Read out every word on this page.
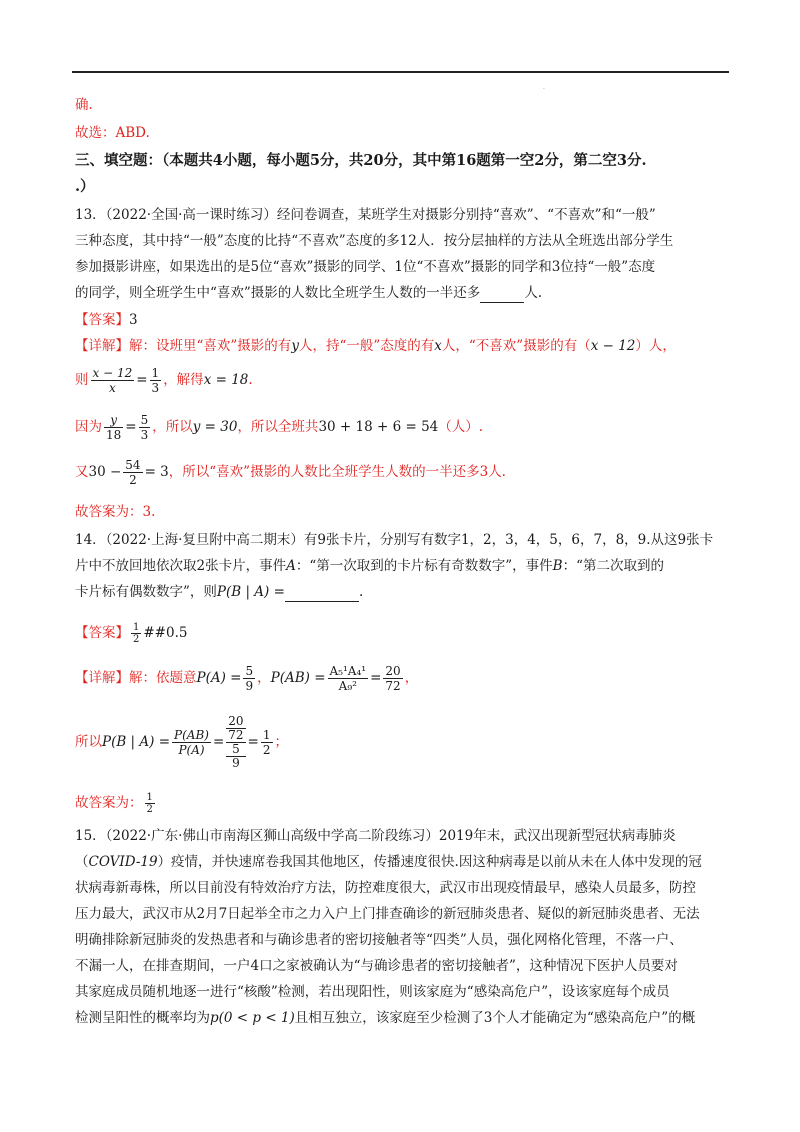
·
确.
故选：ABD.
三、填空题：（本题共4小题，每小题5分，共20分，其中第16题第一空2分，第二空3分.
.）
13．（2022·全国·高一课时练习）经问卷调查，某班学生对摄影分别持“喜欢”、“不喜欢”和“一般”
三种态度，其中持“一般”态度的比持“不喜欢”态度的多12人．按分层抽样的方法从全班选出部分学生
参加摄影讲座，如果选出的是5位“喜欢”摄影的同学、1位“不喜欢”摄影的同学和3位持“一般”态度
的同学，则全班学生中“喜欢”摄影的人数比全班学生人数的一半还多	人.
【答案】3
【详解】解：设班里“喜欢”摄影的有y人，持“一般”态度的有x人，“不喜欢”摄影的有（x − 12）人，
则 $\frac{x - 12}{x} = \frac{1}{3}$ ，解得x = 18.
因为 $\frac{y}{18} = \frac{5}{3}$ ，所以y = 30，所以全班共30 + 18 + 6 = 54（人）.
又$30 - \frac{54}{2} = 3$，所以“喜欢”摄影的人数比全班学生人数的一半还多3人.
故答案为：3.
14．（2022·上海·复旦附中高二期末）有9张卡片，分别写有数字1，2，3，4，5，6，7，8，9.从这9张卡
片中不放回地依次取2张卡片，事件A：“第一次取到的卡片标有奇数数字”，事件B：“第二次取到的
卡片标有偶数数字”，则P(B | A) =	.
【答案】 $\frac{1}{2}$ ##0.5
【详解】解：依题意$P(A) = \frac{5}{9}$ ，$P(AB) = \frac{\text{A₅¹A₄¹}}{\text{A₉²}} = \frac{20}{72}$ ，
所以P(B | $A) = \frac{P(AB)}{P(A)}$ =
20
72
5
9
= $\frac{1}{2}$ ；
故答案为： $\frac{1}{2}$
15．（2022·广东·佛山市南海区狮山高级中学高二阶段练习）2019年末，武汉出现新型冠状病毒肺炎
（COVID-19）疫情，并快速席卷我国其他地区，传播速度很快.因这种病毒是以前从未在人体中发现的冠
状病毒新毒株，所以目前没有特效治疗方法，防控难度很大，武汉市出现疫情最早，感染人员最多，防控
压力最大，武汉市从2月7日起举全市之力入户上门排查确诊的新冠肺炎患者、疑似的新冠肺炎患者、无法
明确排除新冠肺炎的发热患者和与确诊患者的密切接触者等“四类”人员，强化网格化管理，不落一户、
不漏一人，在排查期间，一户4口之家被确认为“与确诊患者的密切接触者”，这种情况下医护人员要对
其家庭成员随机地逐一进行“核酸”检测，若出现阳性，则该家庭为“感染高危户”，设该家庭每个成员
检测呈阳性的概率均为p(0 < p < 1)且相互独立，该家庭至少检测了3个人才能确定为“感染高危户”的概
